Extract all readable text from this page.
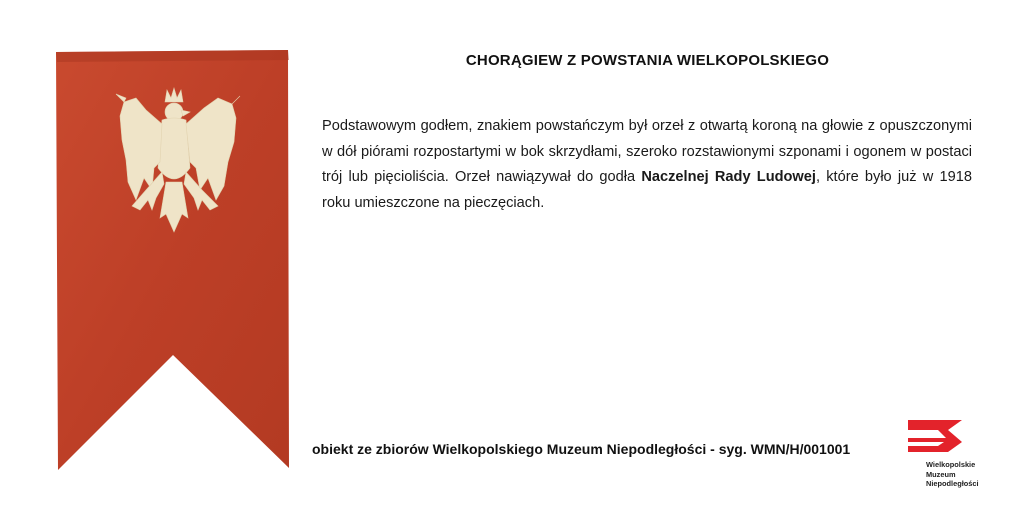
CHORĄGIEW Z POWSTANIA WIELKOPOLSKIEGO

Podstawowym godłem, znakiem powstańczym był orzeł z otwartą koroną na głowie z opuszczonymi w dół piórami rozpostartymi w bok skrzydłami, szeroko rozstawionymi szponami i ogonem w postaci trój lub pięciolіścia. Orzeł nawiązywał do godła Naczelnej Rady Ludowej, które było już w 1918 roku umieszczone na pieczęciach.

obiekt ze zbiorów Wielkopolskiego Muzeum Niepodległości - syg. WMN/H/001001
Wielkopolskie
Muzeum
Niepodległości
